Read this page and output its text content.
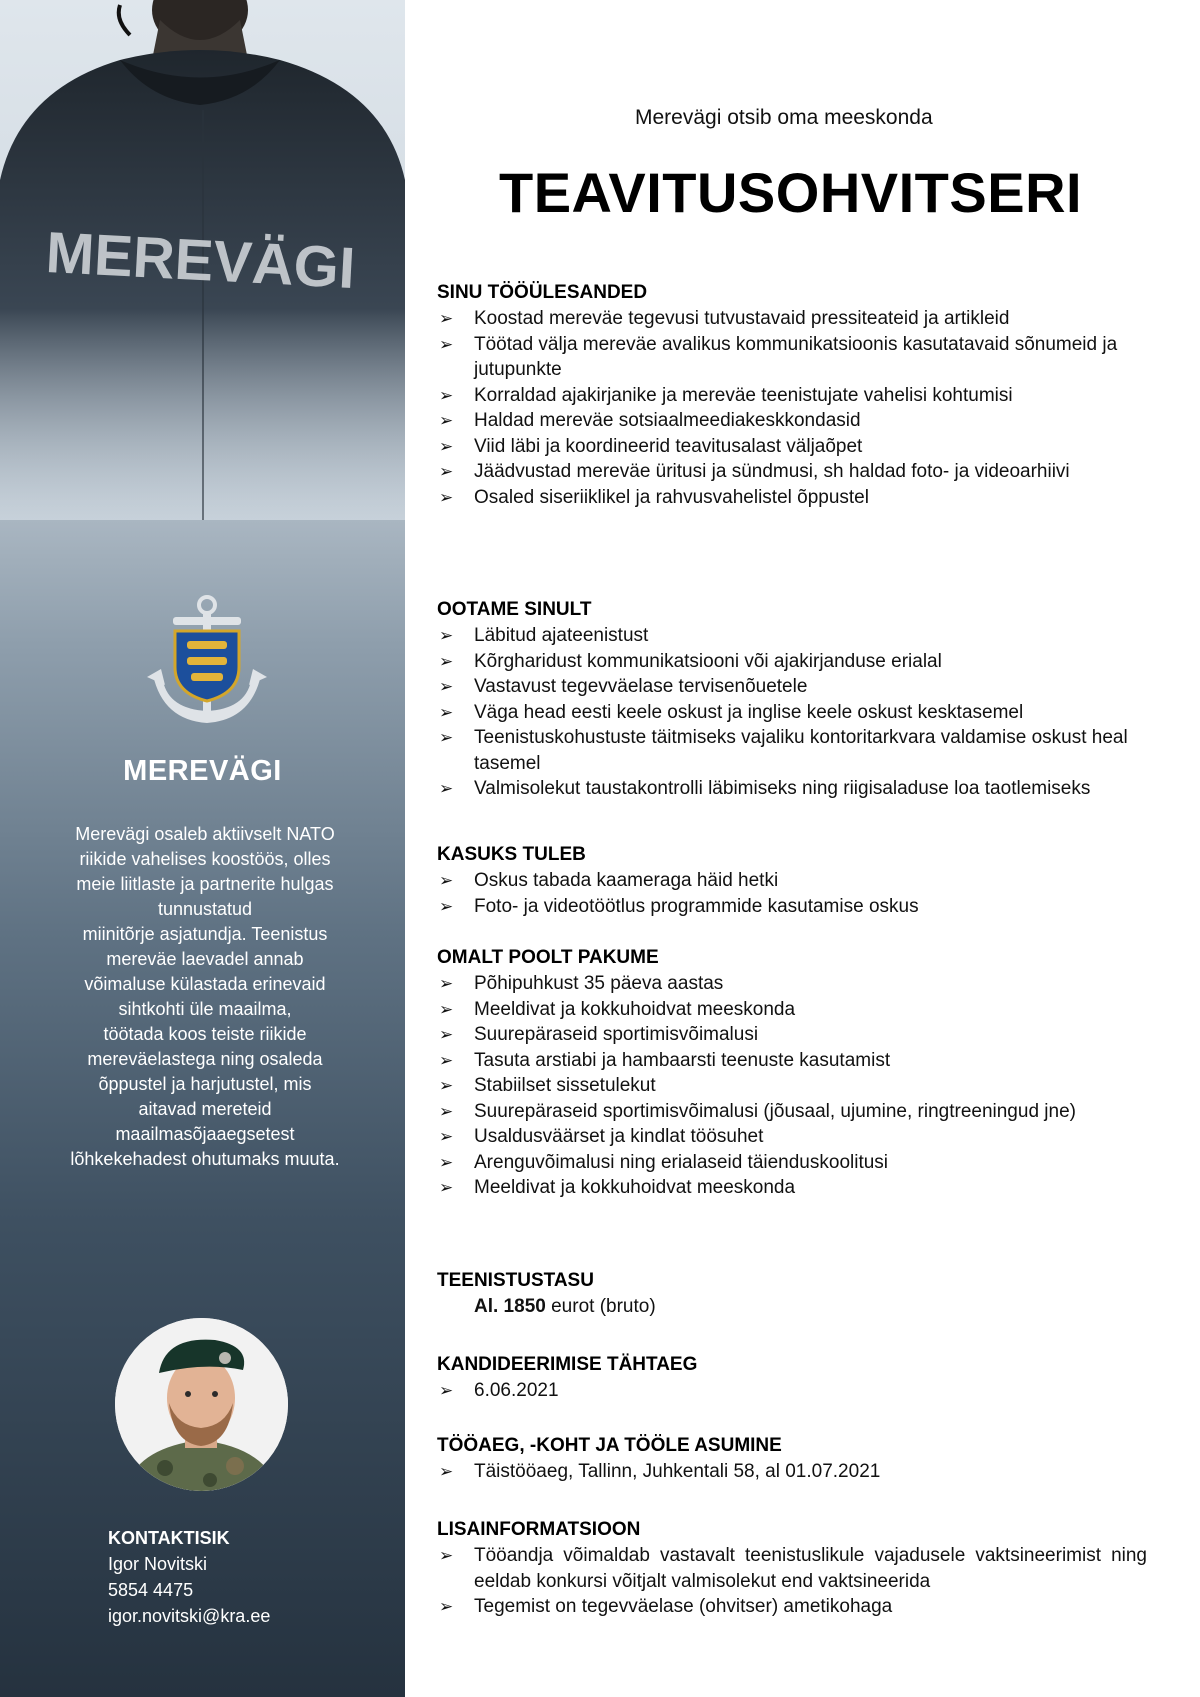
MEREVÄGI
MEREVÄGI
Merevägi osaleb aktiivselt NATO
riikide vahelises koostöös, olles
meie liitlaste ja partnerite hulgas
tunnustatud
miinitõrje asjatundja. Teenistus
mereväe laevadel annab
võimaluse külastada erinevaid
sihtkohti üle maailma,
töötada koos teiste riikide
mereväelastega ning osaleda
õppustel ja harjutustel, mis
aitavad mereteid
maailmasõjaaegsetest
lõhkekehadest ohutumaks muuta.
KONTAKTISIK
Igor Novitski
5854 4475
igor.novitski@kra.ee
Merevägi otsib oma meeskonda
TEAVITUSOHVITSERI
SINU TÖÖÜLESANDED
➢ Koostad mereväe tegevusi tutvustavaid pressiteateid ja artikleid
➢ Töötad välja mereväe avalikus kommunikatsioonis kasutatavaid sõnumeid ja jutupunkte
➢ Korraldad ajakirjanike ja mereväe teenistujate vahelisi kohtumisi
➢ Haldad mereväe sotsiaalmeediakeskkondasid
➢ Viid läbi ja koordineerid teavitusalast väljaõpet
➢ Jäädvustad mereväe üritusi ja sündmusi, sh haldad foto- ja videoarhiivi
➢ Osaled siseriiklikel ja rahvusvahelistel õppustel
OOTAME SINULT
➢ Läbitud ajateenistust
➢ Kõrgharidust kommunikatsiooni või ajakirjanduse erialal
➢ Vastavust tegevväelase tervisenõuetele
➢ Väga head eesti keele oskust ja inglise keele oskust kesktasemel
➢ Teenistuskohustuste täitmiseks vajaliku kontoritarkvara valdamise oskust heal tasemel
➢ Valmisolekut taustakontrolli läbimiseks ning riigisaladuse loa taotlemiseks
KASUKS TULEB
➢ Oskus tabada kaameraga häid hetki
➢ Foto- ja videotöötlus programmide kasutamise oskus
OMALT POOLT PAKUME
➢ Põhipuhkust 35 päeva aastas
➢ Meeldivat ja kokkuhoidvat meeskonda
➢ Suurepäraseid sportimisvõimalusi
➢ Tasuta arstiabi ja hambaarsti teenuste kasutamist
➢ Stabiilset sissetulekut
➢ Suurepäraseid sportimisvõimalusi (jõusaal, ujumine, ringtreeningud jne)
➢ Usaldusväärset ja kindlat töösuhet
➢ Arenguvõimalusi ning erialaseid täienduskoolitusi
➢ Meeldivat ja kokkuhoidvat meeskonda
TEENISTUSTASU
Al. 1850 eurot (bruto)
KANDIDEERIMISE TÄHTAEG
➢ 6.06.2021
TÖÖAEG, -KOHT JA TÖÖLE ASUMINE
➢ Täistööaeg, Tallinn, Juhkentali 58, al 01.07.2021
LISAINFORMATSIOON
➢ Tööandja võimaldab vastavalt teenistuslikule vajadusele vaktsineerimist ning eeldab konkursi võitjalt valmisolekut end vaktsineerida
➢ Tegemist on tegevväelase (ohvitser) ametikohaga
